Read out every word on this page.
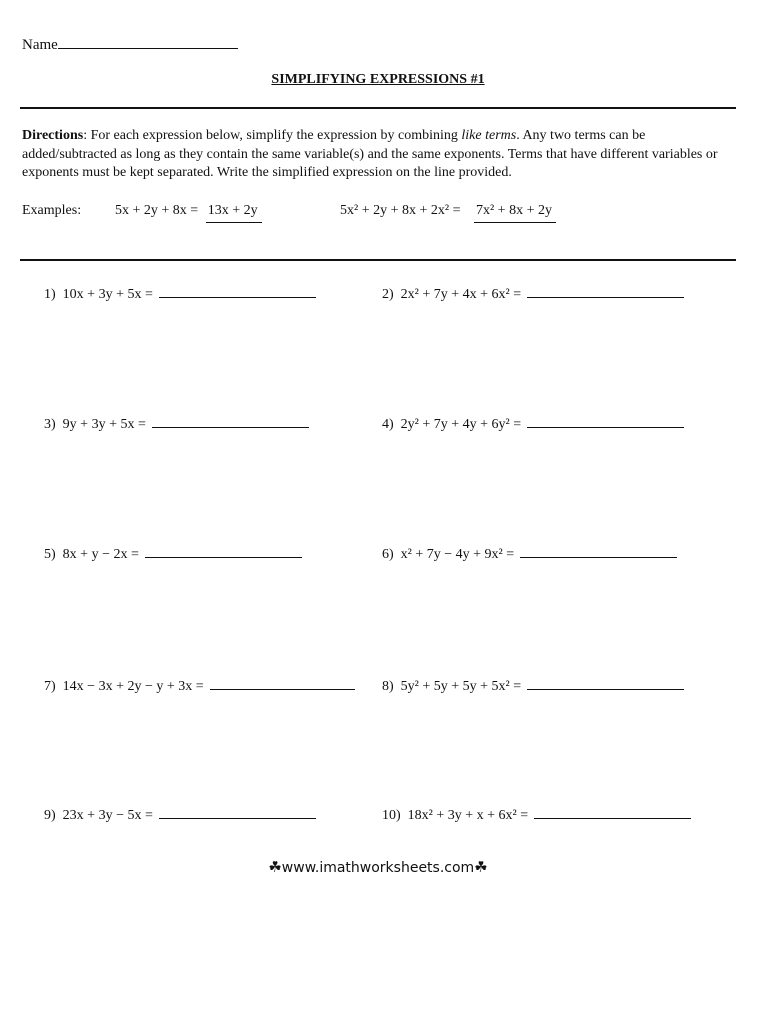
Name
SIMPLIFYING EXPRESSIONS #1
Directions: For each expression below, simplify the expression by combining like terms. Any two terms can be added/subtracted as long as they contain the same variable(s) and the same exponents. Terms that have different variables or exponents must be kept separated. Write the simplified expression on the line provided.
Examples: 5x + 2y + 8x = 13x + 2y	5x² + 2y + 8x + 2x² = 7x² + 8x + 2y
1) 10x + 3y + 5x =	2) 2x² + 7y + 4x + 6x² =
3) 9y + 3y + 5x =	4) 2y² + 7y + 4y + 6y² =
5) 8x + y − 2x =	6) x² + 7y − 4y + 9x² =
7) 14x − 3x + 2y − y + 3x =	8) 5y² + 5y + 5y + 5x² =
9) 23x + 3y − 5x =	10) 18x² + 3y + x + 6x² =
☘www.imathworksheets.com☘
